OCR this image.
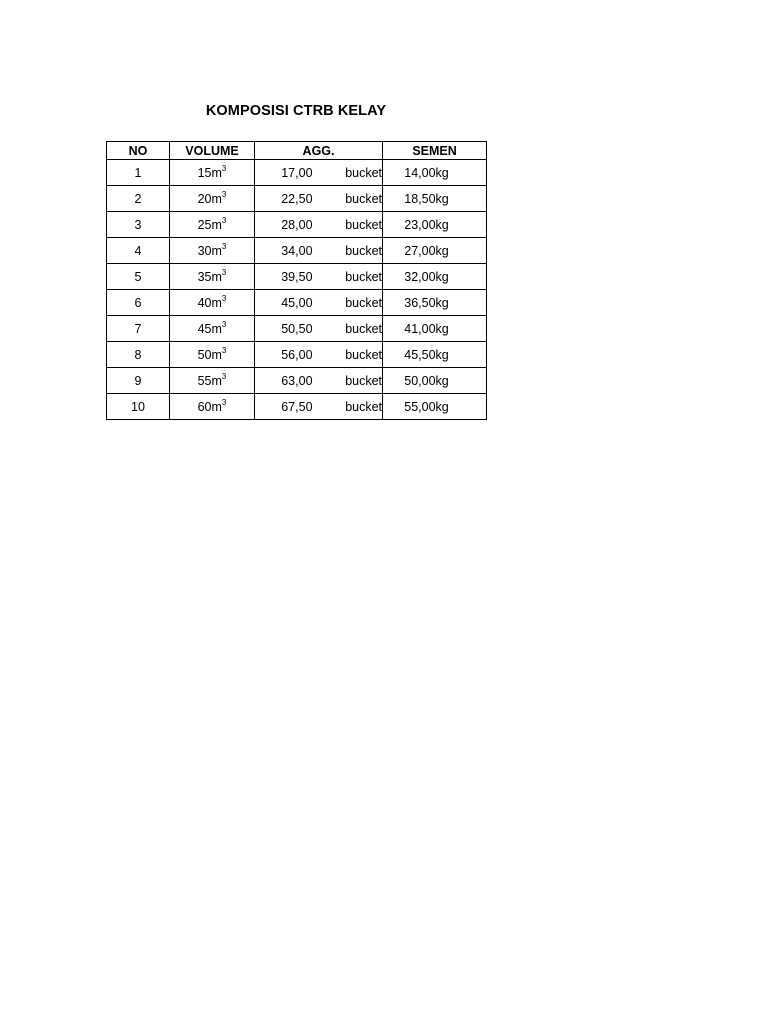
KOMPOSISI CTRB KELAY
NO	VOLUME		AGG.		SEMEN	
1	15	$m^3$	17,00	bucket	14,00	kg
2	20	$m^3$	22,50	bucket	18,50	kg
3	25	$m^3$	28,00	bucket	23,00	kg
4	30	$m^3$	34,00	bucket	27,00	kg
5	35	$m^3$	39,50	bucket	32,00	kg
6	40	$m^3$	45,00	bucket	36,50	kg
7	45	$m^3$	50,50	bucket	41,00	kg
8	50	$m^3$	56,00	bucket	45,50	kg
9	55	$m^3$	63,00	bucket	50,00	kg
10	60	$m^3$	67,50	bucket	55,00	kg
